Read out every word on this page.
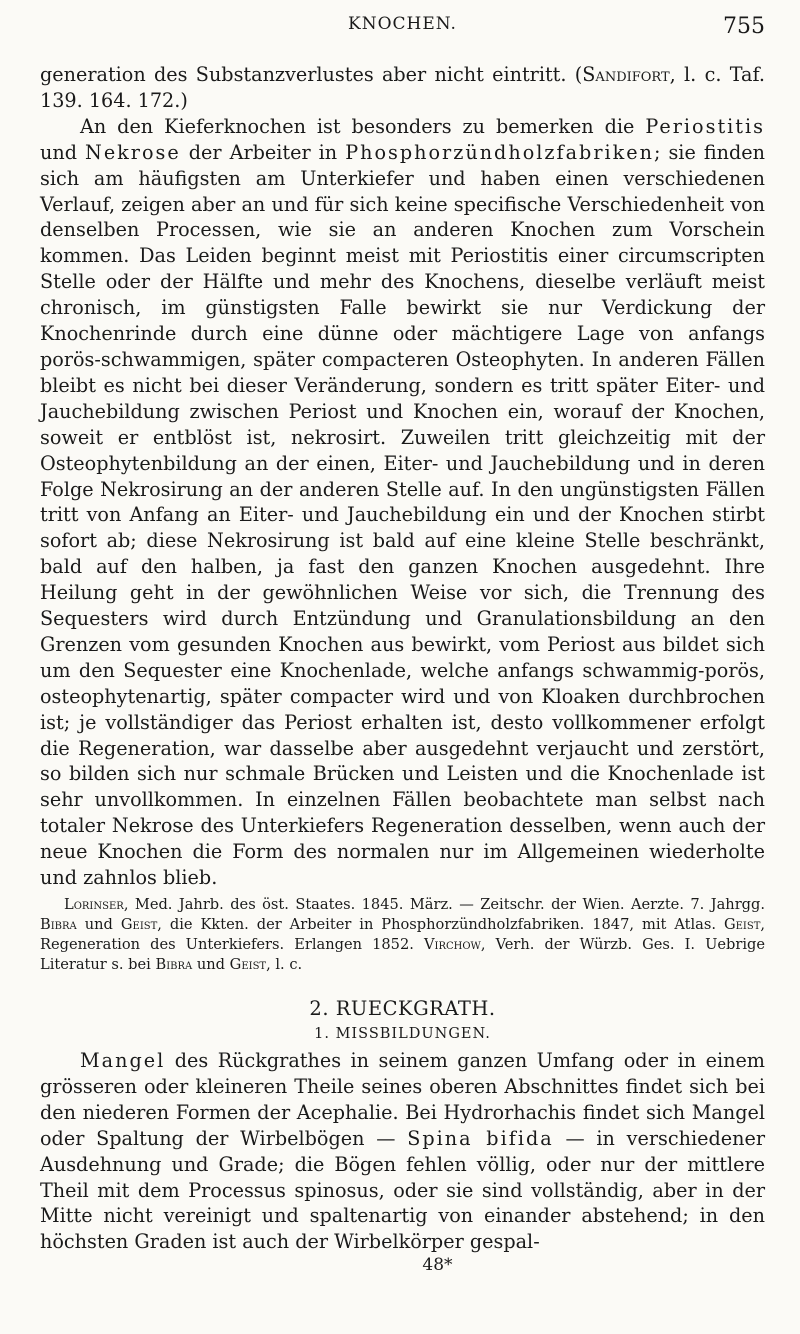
KNOCHEN.	755

generation des Substanzverlustes aber nicht eintritt. (Sandifort, l. c. Taf. 139. 164. 172.)

An den Kieferknochen ist besonders zu bemerken die Periostitis und Nekrose der Arbeiter in Phosphorzündholzfabriken; sie finden sich am häufigsten am Unterkiefer und haben einen verschiedenen Verlauf, zeigen aber an und für sich keine specifische Verschiedenheit von denselben Processen, wie sie an anderen Knochen zum Vorschein kommen. Das Leiden beginnt meist mit Periostitis einer circumscripten Stelle oder der Hälfte und mehr des Knochens, dieselbe verläuft meist chronisch, im günstigsten Falle bewirkt sie nur Verdickung der Knochenrinde durch eine dünne oder mächtigere Lage von anfangs porös-schwammigen, später compacteren Osteophyten. In anderen Fällen bleibt es nicht bei dieser Veränderung, sondern es tritt später Eiter- und Jauchebildung zwischen Periost und Knochen ein, worauf der Knochen, soweit er entblöst ist, nekrosirt. Zuweilen tritt gleichzeitig mit der Osteophytenbildung an der einen, Eiter- und Jauchebildung und in deren Folge Nekrosirung an der anderen Stelle auf. In den ungünstigsten Fällen tritt von Anfang an Eiter- und Jauchebildung ein und der Knochen stirbt sofort ab; diese Nekrosirung ist bald auf eine kleine Stelle beschränkt, bald auf den halben, ja fast den ganzen Knochen ausgedehnt. Ihre Heilung geht in der gewöhnlichen Weise vor sich, die Trennung des Sequesters wird durch Entzündung und Granulationsbildung an den Grenzen vom gesunden Knochen aus bewirkt, vom Periost aus bildet sich um den Sequester eine Knochenlade, welche anfangs schwammig-porös, osteophytenartig, später compacter wird und von Kloaken durchbrochen ist; je vollständiger das Periost erhalten ist, desto vollkommener erfolgt die Regeneration, war dasselbe aber ausgedehnt verjaucht und zerstört, so bilden sich nur schmale Brücken und Leisten und die Knochenlade ist sehr unvollkommen. In einzelnen Fällen beobachtete man selbst nach totaler Nekrose des Unterkiefers Regeneration desselben, wenn auch der neue Knochen die Form des normalen nur im Allgemeinen wiederholte und zahnlos blieb.

Lorinser, Med. Jahrb. des öst. Staates. 1845. März. — Zeitschr. der Wien. Aerzte. 7. Jahrgg. Bibra und Geist, die Kkten. der Arbeiter in Phosphorzündholzfabriken. 1847, mit Atlas. Geist, Regeneration des Unterkiefers. Erlangen 1852. Virchow, Verh. der Würzb. Ges. I. Uebrige Literatur s. bei Bibra und Geist, l. c.

2. RUECKGRATH.
1. MISSBILDUNGEN.

Mangel des Rückgrathes in seinem ganzen Umfang oder in einem grösseren oder kleineren Theile seines oberen Abschnittes findet sich bei den niederen Formen der Acephalie. Bei Hydrorhachis findet sich Mangel oder Spaltung der Wirbelbögen — Spina bifida — in verschiedener Ausdehnung und Grade; die Bögen fehlen völlig, oder nur der mittlere Theil mit dem Processus spinosus, oder sie sind vollständig, aber in der Mitte nicht vereinigt und spaltenartig von einander abstehend; in den höchsten Graden ist auch der Wirbelkörper gespal-

48*
